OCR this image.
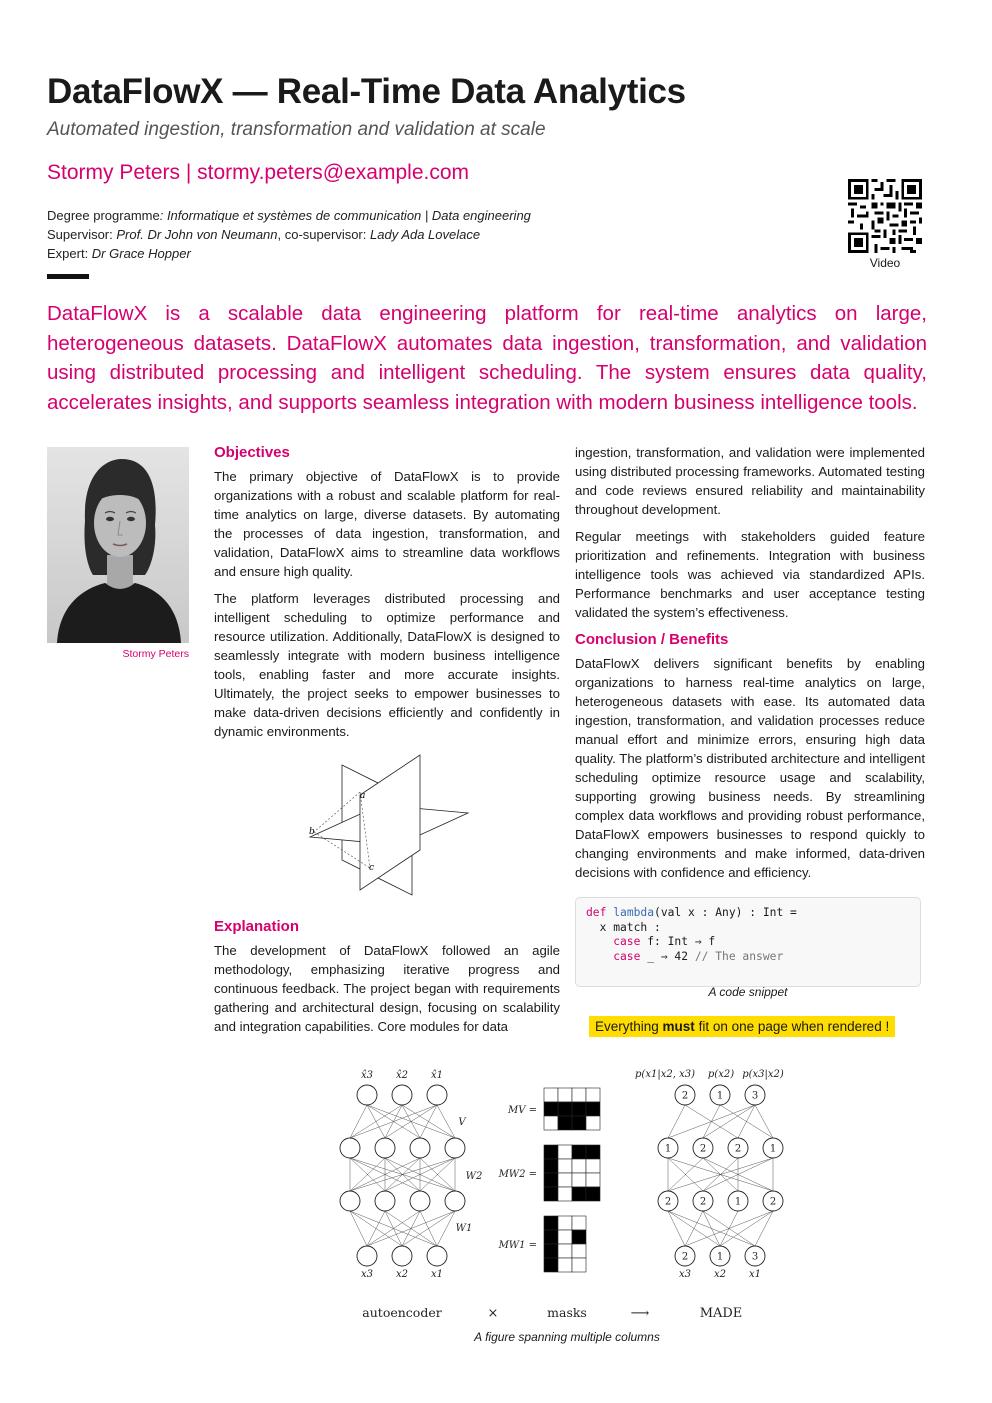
DataFlowX — Real-Time Data Analytics
Automated ingestion, transformation and validation at scale
Stormy Peters | stormy.peters@example.com
Degree programme: Informatique et systèmes de communication | Data engineering
Supervisor: Prof. Dr John von Neumann, co-supervisor: Lady Ada Lovelace
Expert: Dr Grace Hopper
Video
DataFlowX is a scalable data engineering platform for real-time analytics on large, heterogeneous datasets. DataFlowX automates data ingestion, transformation, and validation using distributed processing and intelligent scheduling. The system ensures data quality, accelerates insights, and supports seamless integration with modern business intelligence tools.
Stormy Peters
Objectives

The primary objective of DataFlowX is to provide organizations with a robust and scalable platform for real-time analytics on large, diverse datasets. By automating the processes of data ingestion, transformation, and validation, DataFlowX aims to streamline data workflows and ensure high quality.

The platform leverages distributed processing and intelligent scheduling to optimize performance and resource utilization. Additionally, DataFlowX is designed to seamlessly integrate with modern business intelligence tools, enabling faster and more accurate insights. Ultimately, the project seeks to empower businesses to make data-driven decisions efficiently and confidently in dynamic environments.

a
b
c
Explanation

The development of DataFlowX followed an agile methodology, emphasizing iterative progress and continuous feedback. The project began with requirements gathering and architectural design, focusing on scalability and integration capabilities. Core modules for data

ingestion, transformation, and validation were implemented using distributed processing frameworks. Automated testing and code reviews ensured reliability and maintainability throughout development.

Regular meetings with stakeholders guided feature prioritization and refinements. Integration with business intelligence tools was achieved via standardized APIs. Performance benchmarks and user acceptance testing validated the system’s effectiveness.

Conclusion / Benefits

DataFlowX delivers significant benefits by enabling organizations to harness real-time analytics on large, heterogeneous datasets with ease. Its automated data ingestion, transformation, and validation processes reduce manual effort and minimize errors, ensuring high data quality. The platform’s distributed architecture and intelligent scheduling optimize resource usage and scalability, supporting growing business needs. By streamlining complex data workflows and providing robust performance, DataFlowX empowers businesses to respond quickly to changing environments and make informed, data-driven decisions with confidence and efficiency.

def lambda(val x : Any) : Int =
x match :
case f: Int ⇒ f
case _ ⇒ 42 // The answer
A code snippet
Everything must fit on one page when rendered !
x̂3 x̂2 x̂1
x3 x2 x1
V
W2
W1
MV =
MW2 =
MW1 =
2	1	3
1	2	2	1
2	2	1	2
2	1	3
p(x1|x2, x3) p(x2) p(x3|x2)
x3 x2 x1
autoencoder	×	masks	⟶	MADE
A figure spanning multiple columns
